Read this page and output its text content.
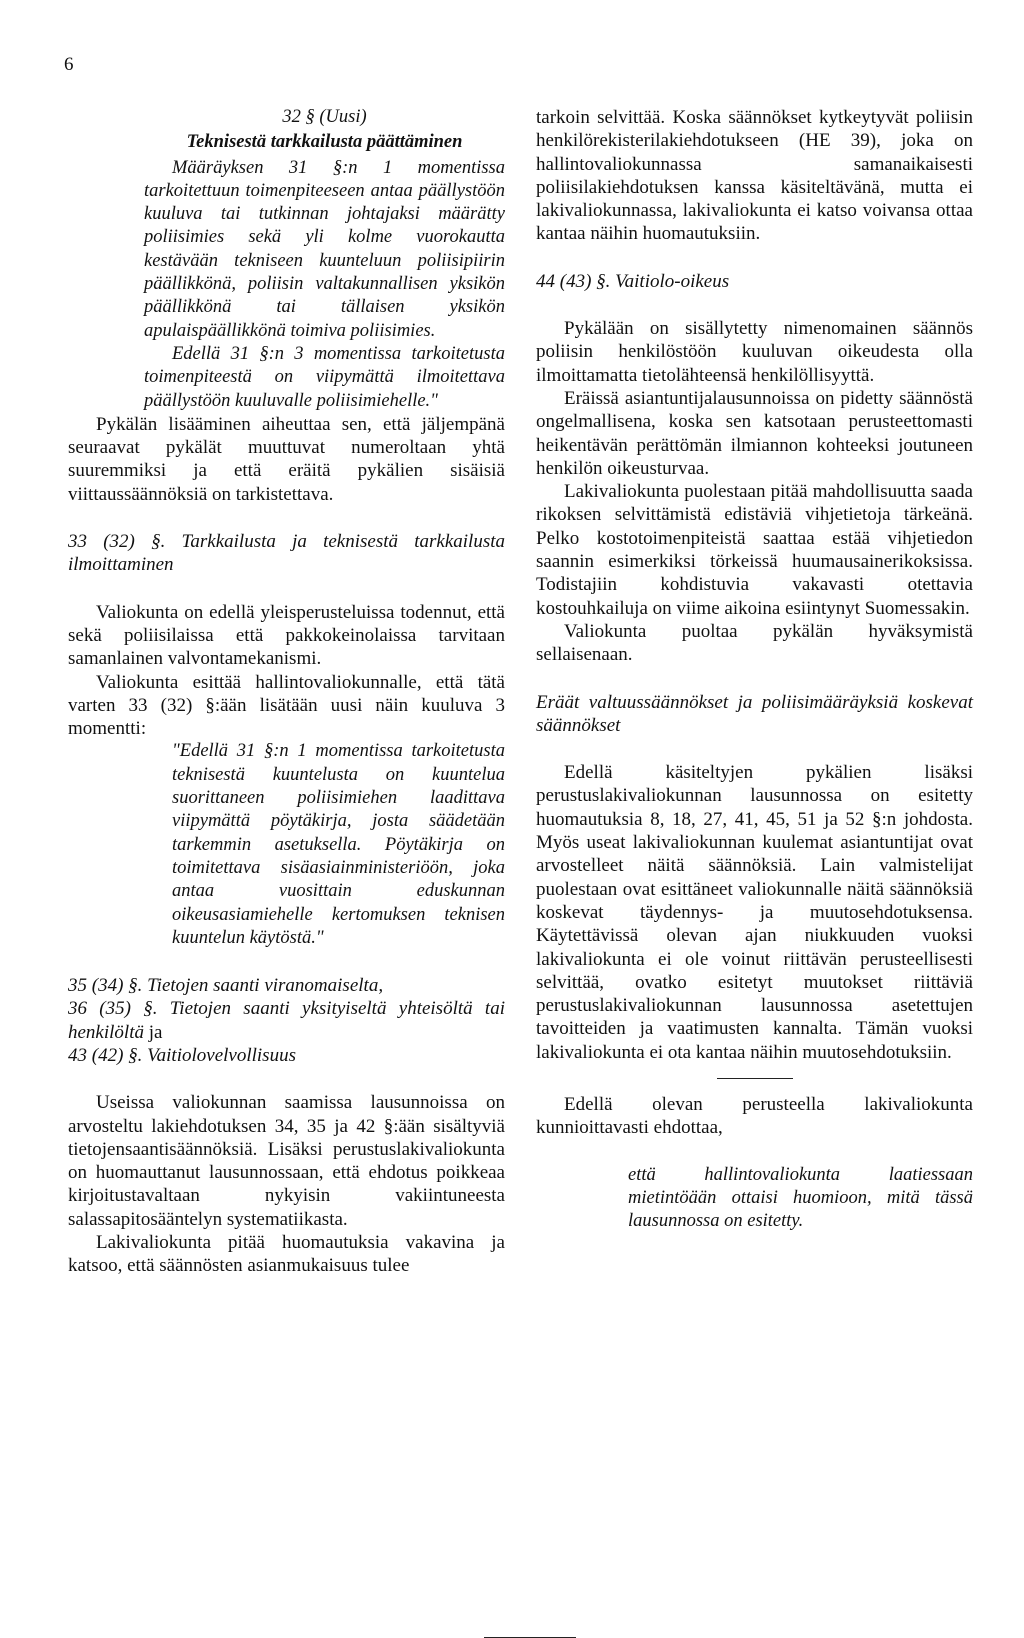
6

32 § (Uusi)

Teknisestä tarkkailusta päättäminen

Määräyksen 31 §:n 1 momentissa tarkoitettuun toimenpiteeseen antaa päällystöön kuuluva tai tutkinnan johtajaksi määrätty poliisimies sekä yli kolme vuorokautta kestävään tekniseen kuunteluun poliisipiirin päällikkönä, poliisin valtakunnallisen yksikön päällikkönä tai tällaisen yksikön apulaispäällikkönä toimiva poliisimies.

Edellä 31 §:n 3 momentissa tarkoitetusta toimenpiteestä on viipymättä ilmoitettava päällystöön kuuluvalle poliisimiehelle."

Pykälän lisääminen aiheuttaa sen, että jäljempänä seuraavat pykälät muuttuvat numeroltaan yhtä suuremmiksi ja että eräitä pykälien sisäisiä viittaussäännöksiä on tarkistettava.

33 (32) §. Tarkkailusta ja teknisestä tarkkailusta ilmoittaminen

Valiokunta on edellä yleisperusteluissa todennut, että sekä poliisilaissa että pakkokeinolaissa tarvitaan samanlainen valvontamekanismi.

Valiokunta esittää hallintovaliokunnalle, että tätä varten 33 (32) §:ään lisätään uusi näin kuuluva 3 momentti:

"Edellä 31 §:n 1 momentissa tarkoitetusta teknisestä kuuntelusta on kuuntelua suorittaneen poliisimiehen laadittava viipymättä pöytäkirja, josta säädetään tarkemmin asetuksella. Pöytäkirja on toimitettava sisäasiainministeriöön, joka antaa vuosittain eduskunnan oikeusasiamiehelle kertomuksen teknisen kuuntelun käytöstä."

35 (34) §. Tietojen saanti viranomaiselta,

36 (35) §. Tietojen saanti yksityiseltä yhteisöltä tai henkilöltä ja

43 (42) §. Vaitiolovelvollisuus

Useissa valiokunnan saamissa lausunnoissa on arvosteltu lakiehdotuksen 34, 35 ja 42 §:ään sisältyviä tietojensaantisäännöksiä. Lisäksi perustuslakivaliokunta on huomauttanut lausunnossaan, että ehdotus poikkeaa kirjoitustavaltaan nykyisin vakiintuneesta salassapitosääntelyn systematiikasta.

Lakivaliokunta pitää huomautuksia vakavina ja katsoo, että säännösten asianmukaisuus tulee

tarkoin selvittää. Koska säännökset kytkeytyvät poliisin henkilörekisterilakiehdotukseen (HE 39), joka on hallintovaliokunnassa samanaikaisesti poliisilakiehdotuksen kanssa käsiteltävänä, mutta ei lakivaliokunnassa, lakivaliokunta ei katso voivansa ottaa kantaa näihin huomautuksiin.

44 (43) §. Vaitiolo-oikeus

Pykälään on sisällytetty nimenomainen säännös poliisin henkilöstöön kuuluvan oikeudesta olla ilmoittamatta tietolähteensä henkilöllisyyttä.

Eräissä asiantuntijalausunnoissa on pidetty säännöstä ongelmallisena, koska sen katsotaan perusteettomasti heikentävän perättömän ilmiannon kohteeksi joutuneen henkilön oikeusturvaa.

Lakivaliokunta puolestaan pitää mahdollisuutta saada rikoksen selvittämistä edistäviä vihjetietoja tärkeänä. Pelko kostotoimenpiteistä saattaa estää vihjetiedon saannin esimerkiksi törkeissä huumausainerikoksissa. Todistajiin kohdistuvia vakavasti otettavia kostouhkailuja on viime aikoina esiintynyt Suomessakin.

Valiokunta puoltaa pykälän hyväksymistä sellaisenaan.

Eräät valtuussäännökset ja poliisimääräyksiä koskevat säännökset

Edellä käsiteltyjen pykälien lisäksi perustuslakivaliokunnan lausunnossa on esitetty huomautuksia 8, 18, 27, 41, 45, 51 ja 52 §:n johdosta. Myös useat lakivaliokunnan kuulemat asiantuntijat ovat arvostelleet näitä säännöksiä. Lain valmistelijat puolestaan ovat esittäneet valiokunnalle näitä säännöksiä koskevat täydennys- ja muutosehdotuksensa. Käytettävissä olevan ajan niukkuuden vuoksi lakivaliokunta ei ole voinut riittävän perusteellisesti selvittää, ovatko esitetyt muutokset riittäviä perustuslakivaliokunnan lausunnossa asetettujen tavoitteiden ja vaatimusten kannalta. Tämän vuoksi lakivaliokunta ei ota kantaa näihin muutosehdotuksiin.

Edellä olevan perusteella lakivaliokunta kunnioittavasti ehdottaa,

että hallintovaliokunta laatiessaan mietintöään ottaisi huomioon, mitä tässä lausunnossa on esitetty.
